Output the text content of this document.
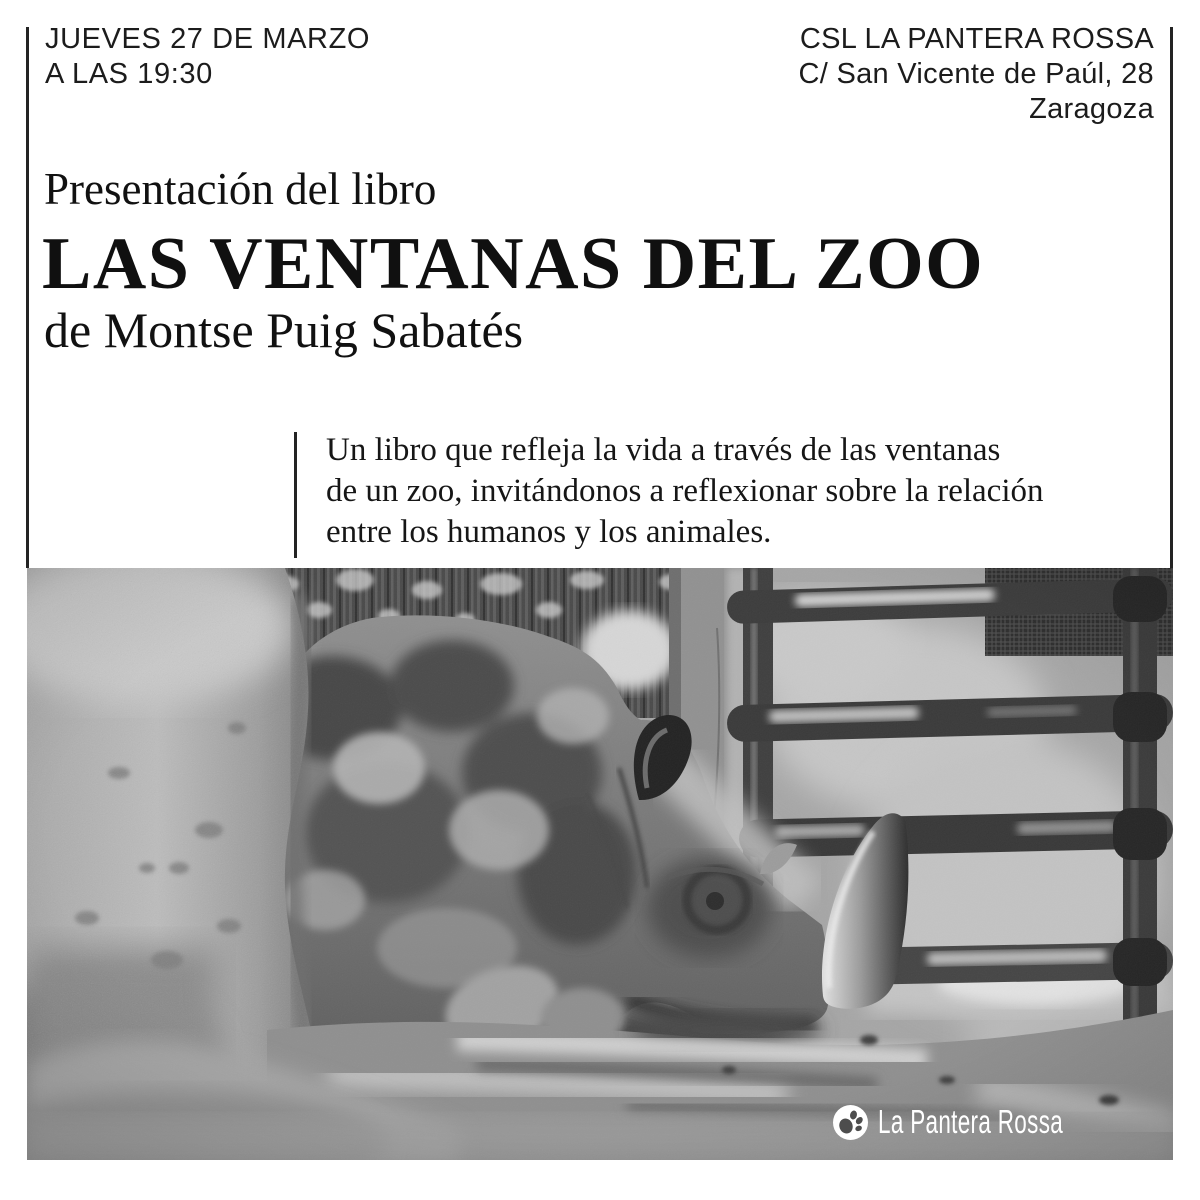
JUEVES 27 DE MARZO
A LAS 19:30
CSL LA PANTERA ROSSA
C/ San Vicente de Paúl, 28
Zaragoza
Presentación del libro
LAS VENTANAS DEL ZOO
de Montse Puig Sabatés
Un libro que refleja la vida a través de las ventanas
de un zoo, invitándonos a reflexionar sobre la relación
entre los humanos y los animales.
La Pantera Rossa
